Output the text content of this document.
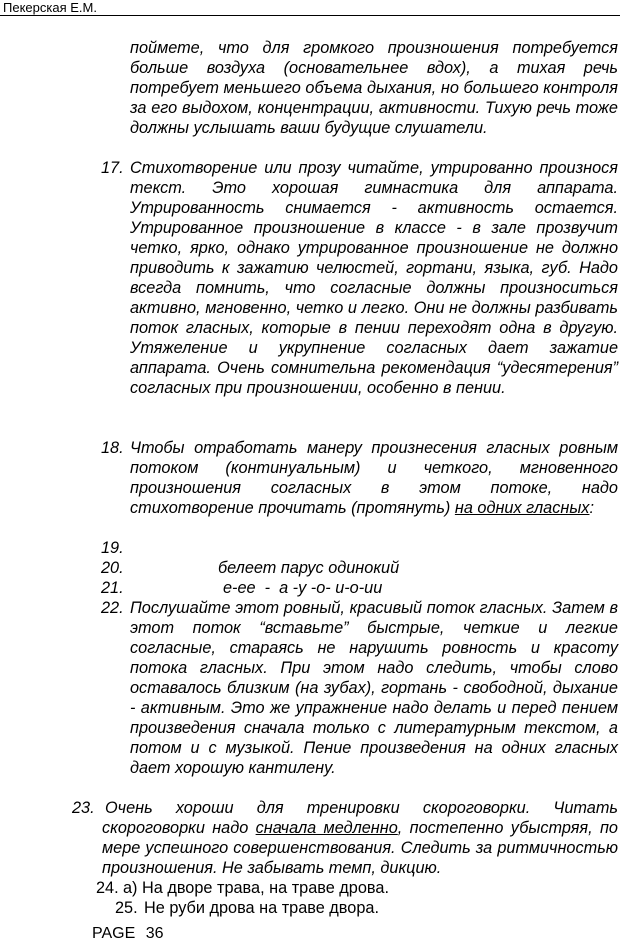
Пекерская Е.М.

поймете, что для громкого произношения потребуется больше воздуха (основательнее вдох), а тихая речь потребует меньшего объема дыхания, но большего контроля за его выдохом, концентрации, активности. Тихую речь тоже должны услышать ваши будущие слушатели.

17. Стихотворение или прозу читайте, утрированно произнося текст. Это хорошая гимнастика для аппарата. Утрированность снимается - активность остается. Утрированное произношение в классе - в зале прозвучит четко, ярко, однако утрированное произношение не должно приводить к зажатию челюстей, гортани, языка, губ. Надо всегда помнить, что согласные должны произноситься активно, мгновенно, четко и легко. Они не должны разбивать поток гласных, которые в пении переходят одна в другую. Утяжеление и укрупнение согласных дает зажатие аппарата. Очень сомнительна рекомендация “удесятерения” согласных при произношении, особенно в пении.

18. Чтобы отработать манеру произнесения гласных ровным потоком (континуальным) и четкого, мгновенного произношения согласных в этом потоке, надо стихотворение прочитать (протянуть) на одних гласных:

19.
20.	белеет парус одинокий
21.	е-ее  -  а -у -о- и-о-ии
22. Послушайте этот ровный, красивый поток гласных. Затем в этот поток “вставьте” быстрые, четкие и легкие согласные, стараясь не нарушить ровность и красоту потока гласных. При этом надо следить, чтобы слово оставалось близким (на зубах), гортань - свободной, дыхание - активным. Это же упражнение надо делать и перед пением произведения сначала только с литературным текстом, а потом и с музыкой. Пение произведения на одних гласных дает хорошую кантилену.

23. Очень хороши для тренировки скороговорки. Читать скороговорки надо сначала медленно, постепенно убыстряя, по мере успешного совершенствования. Следить за ритмичностью произношения. Не забывать темп, дикцию.

24. а) На дворе трава, на траве дрова.
25. Не руби дрова на траве двора.
PAGE 36
